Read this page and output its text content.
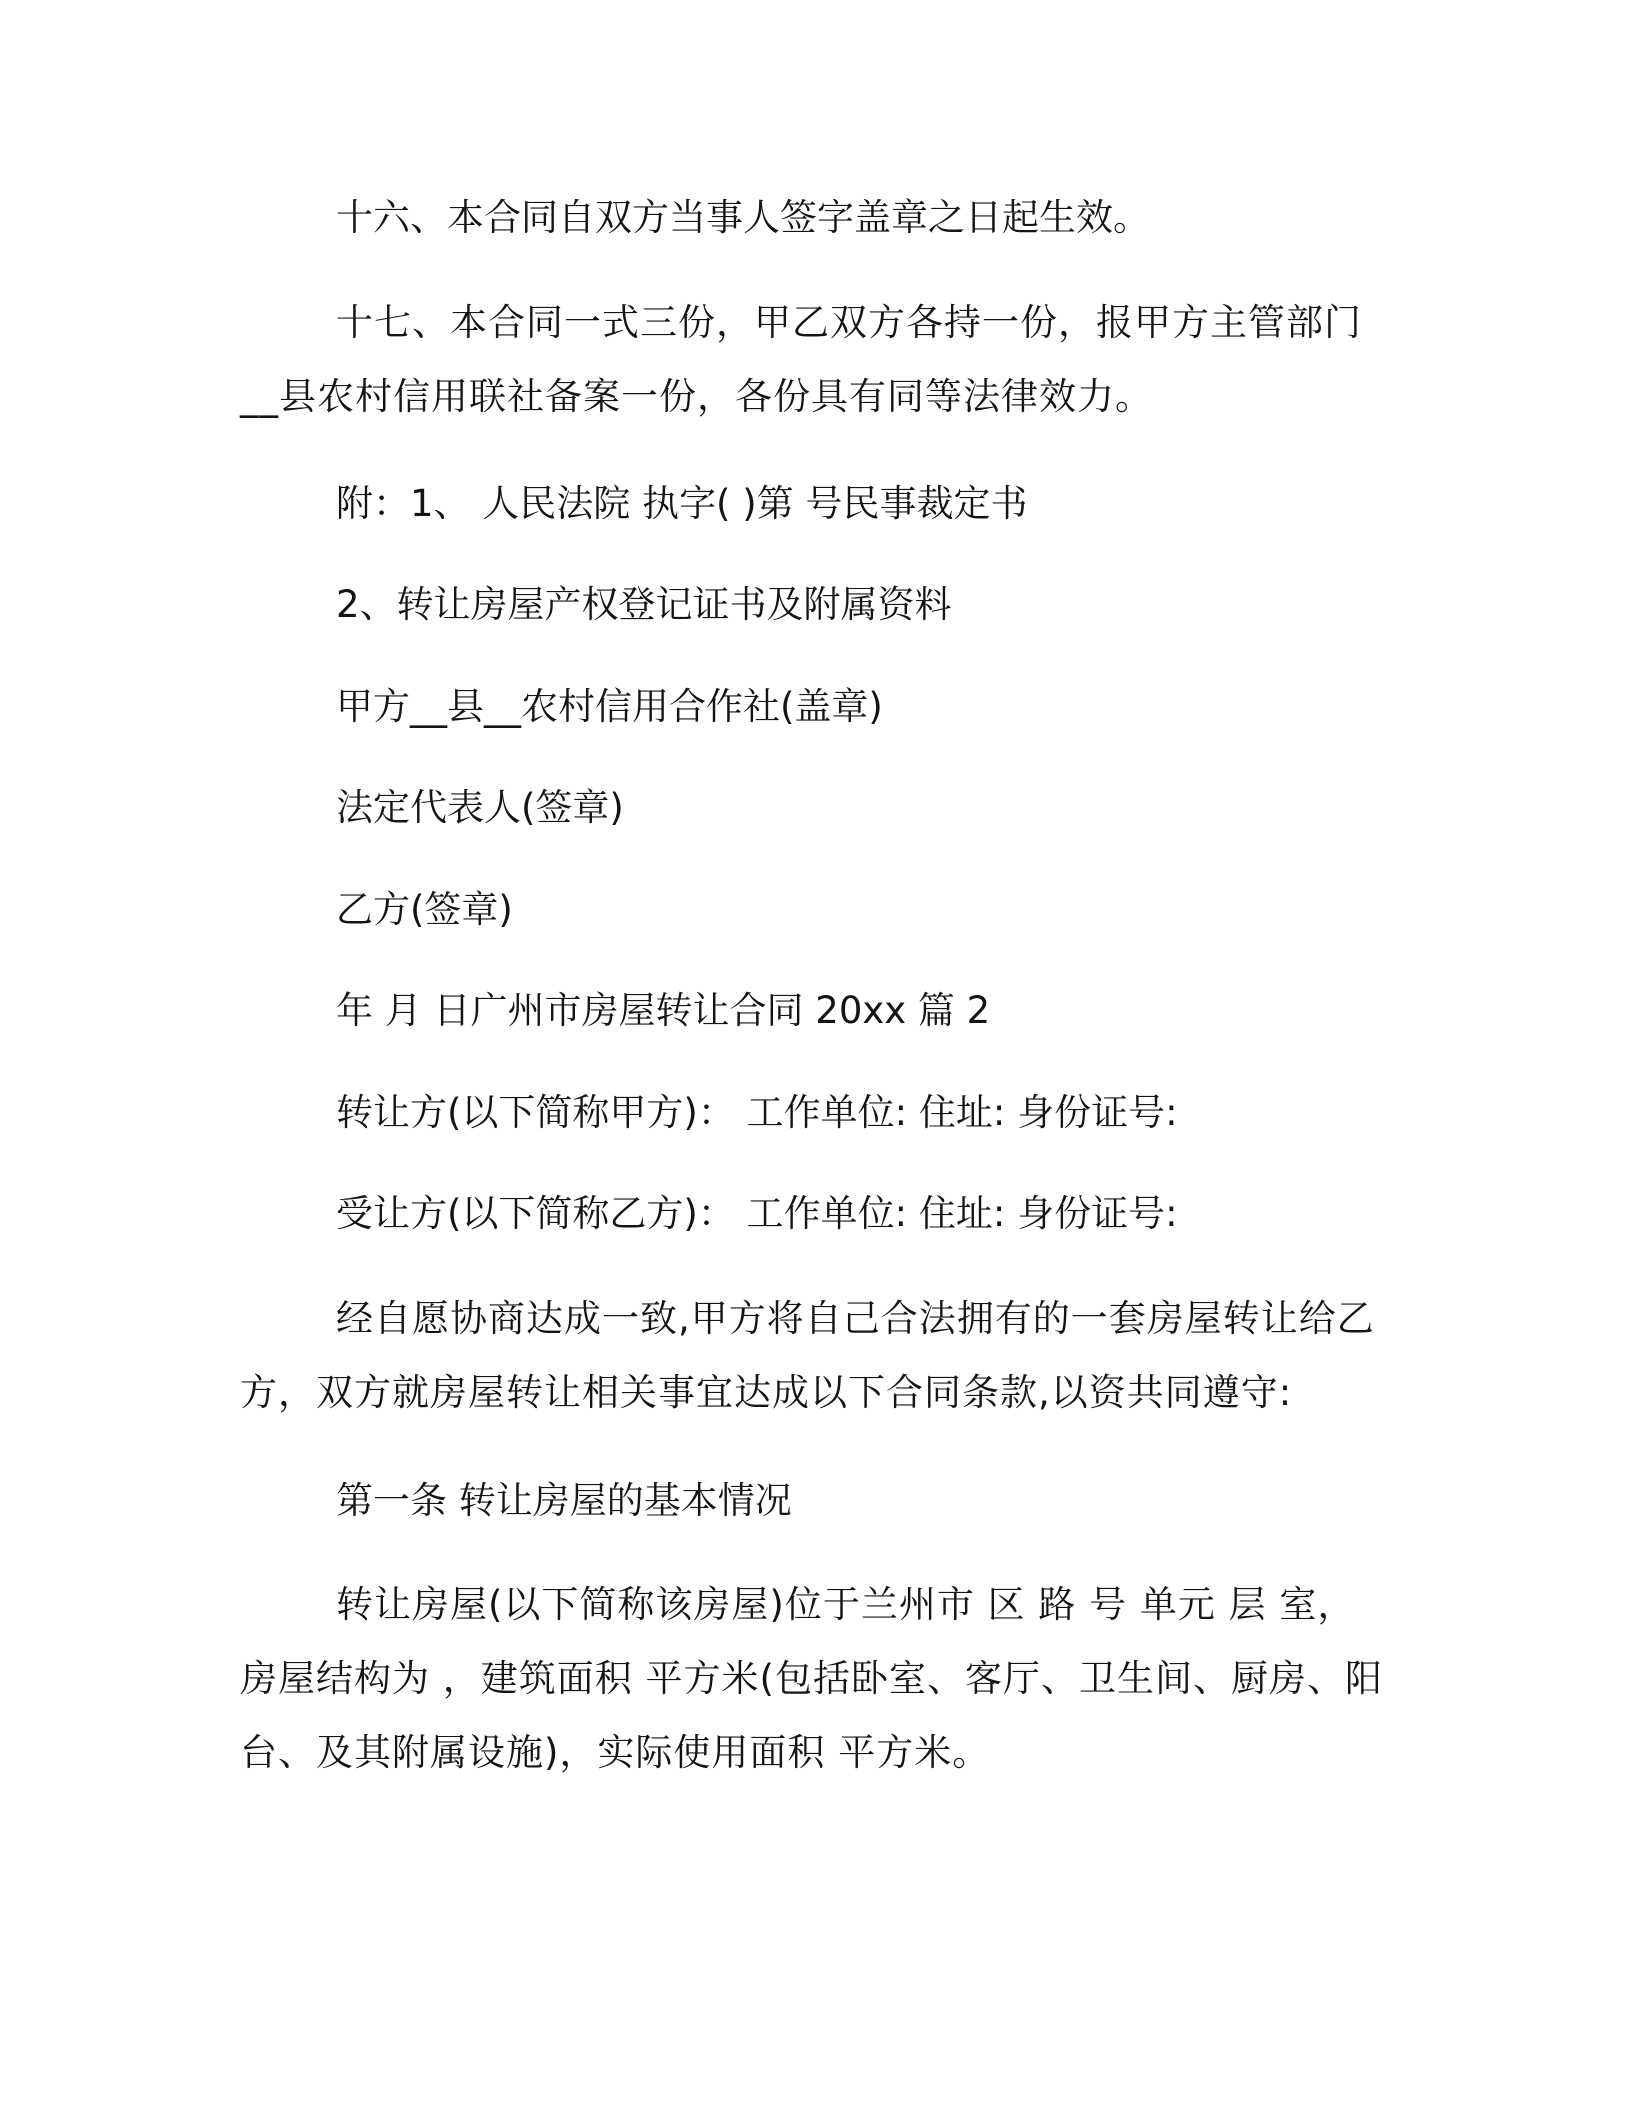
十六、本合同自双方当事人签字盖章之日起生效。

十七、本合同一式三份，甲乙双方各持一份，报甲方主管部门__县农村信用联社备案一份，各份具有同等法律效力。

附：1、 人民法院 执字( )第 号民事裁定书

2、转让房屋产权登记证书及附属资料

甲方__县__农村信用合作社(盖章)

法定代表人(签章)

乙方(签章)

年 月 日广州市房屋转让合同 20xx 篇 2

转让方(以下简称甲方)： 工作单位: 住址: 身份证号:

受让方(以下简称乙方)： 工作单位: 住址: 身份证号:

经自愿协商达成一致,甲方将自己合法拥有的一套房屋转让给乙方，双方就房屋转让相关事宜达成以下合同条款,以资共同遵守:

第一条 转让房屋的基本情况

转让房屋(以下简称该房屋)位于兰州市 区 路 号 单元 层 室，房屋结构为 ，建筑面积 平方米(包括卧室、客厅、卫生间、厨房、阳台、及其附属设施)，实际使用面积 平方米。
